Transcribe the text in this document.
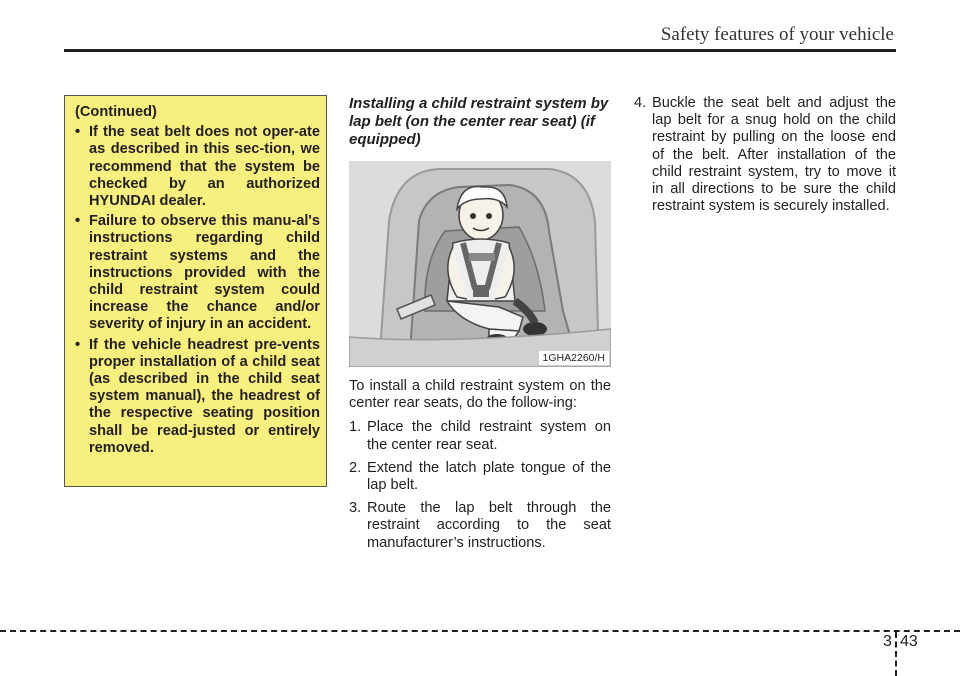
Safety features of your vehicle
(Continued)
• If the seat belt does not oper-ate as described in this sec-tion, we recommend that the system be checked by an authorized HYUNDAI dealer.
• Failure to observe this manu-al's instructions regarding child restraint systems and the instructions provided with the child restraint system could increase the chance and/or severity of injury in an accident.
• If the vehicle headrest pre-vents proper installation of a child seat (as described in the child seat system manual), the headrest of the respective seating position shall be read-justed or entirely removed.
Installing a child restraint system by lap belt (on the center rear seat) (if equipped)
1GHA2260/H
To install a child restraint system on the center rear seats, do the follow-ing:
1. Place the child restraint system on the center rear seat.
2. Extend the latch plate tongue of the lap belt.
3. Route the lap belt through the restraint according to the seat manufacturer’s instructions.
4. Buckle the seat belt and adjust the lap belt for a snug hold on the child restraint by pulling on the loose end of the belt. After installation of the child restraint system, try to move it in all directions to be sure the child restraint system is securely installed.
3 43
